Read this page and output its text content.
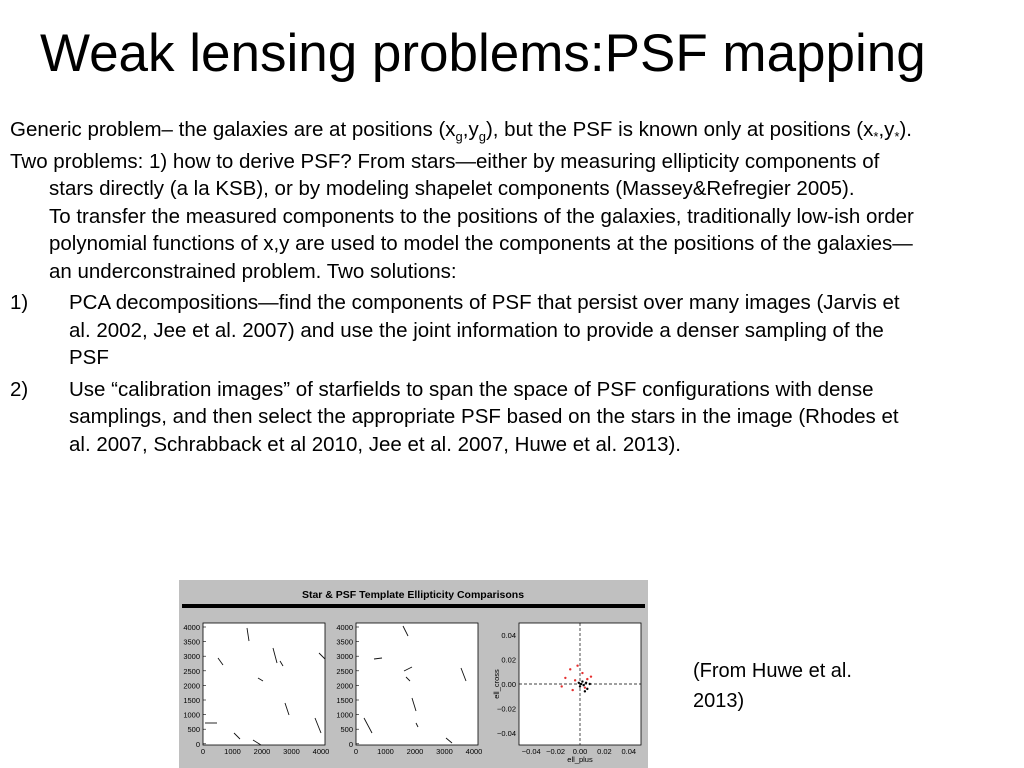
Weak lensing problems:PSF mapping
Generic problem– the galaxies are at positions $(x_g,y_g)$, but the PSF is known only at positions $(x_*,y_*)$.
Two problems: 1) how to derive PSF? From stars—either by measuring ellipticity components of stars directly (a la KSB), or by modeling shapelet components (Massey&Refregier 2005).
To transfer the measured components to the positions of the galaxies, traditionally low-ish order polynomial functions of x,y are used to model the components at the positions of the galaxies— an underconstrained problem. Two solutions:
1) PCA decompositions—find the components of PSF that persist over many images (Jarvis et al. 2002, Jee et al. 2007) and use the joint information to provide a denser sampling of the PSF
2) Use “calibration images” of starfields to span the space of PSF configurations with dense samplings, and then select the appropriate PSF based on the stars in the image (Rhodes et al. 2007, Schrabback et al 2010, Jee et al. 2007, Huwe et al. 2013).
Star & PSF Template Ellipticity Comparisons
4000
3500
3000
2500
2000
1500
1000
500
0
0	1000 2000 3000 4000
4000
3500
3000
2500
2000
1500
1000
500
0
0	1000 2000 3000 4000
0.04
0.02
0.00
−0.02
−0.04
−0.04 −0.02 0.00 0.02 0.04
ell_plus
ell_cross	(From Huwe et al. 2013)
